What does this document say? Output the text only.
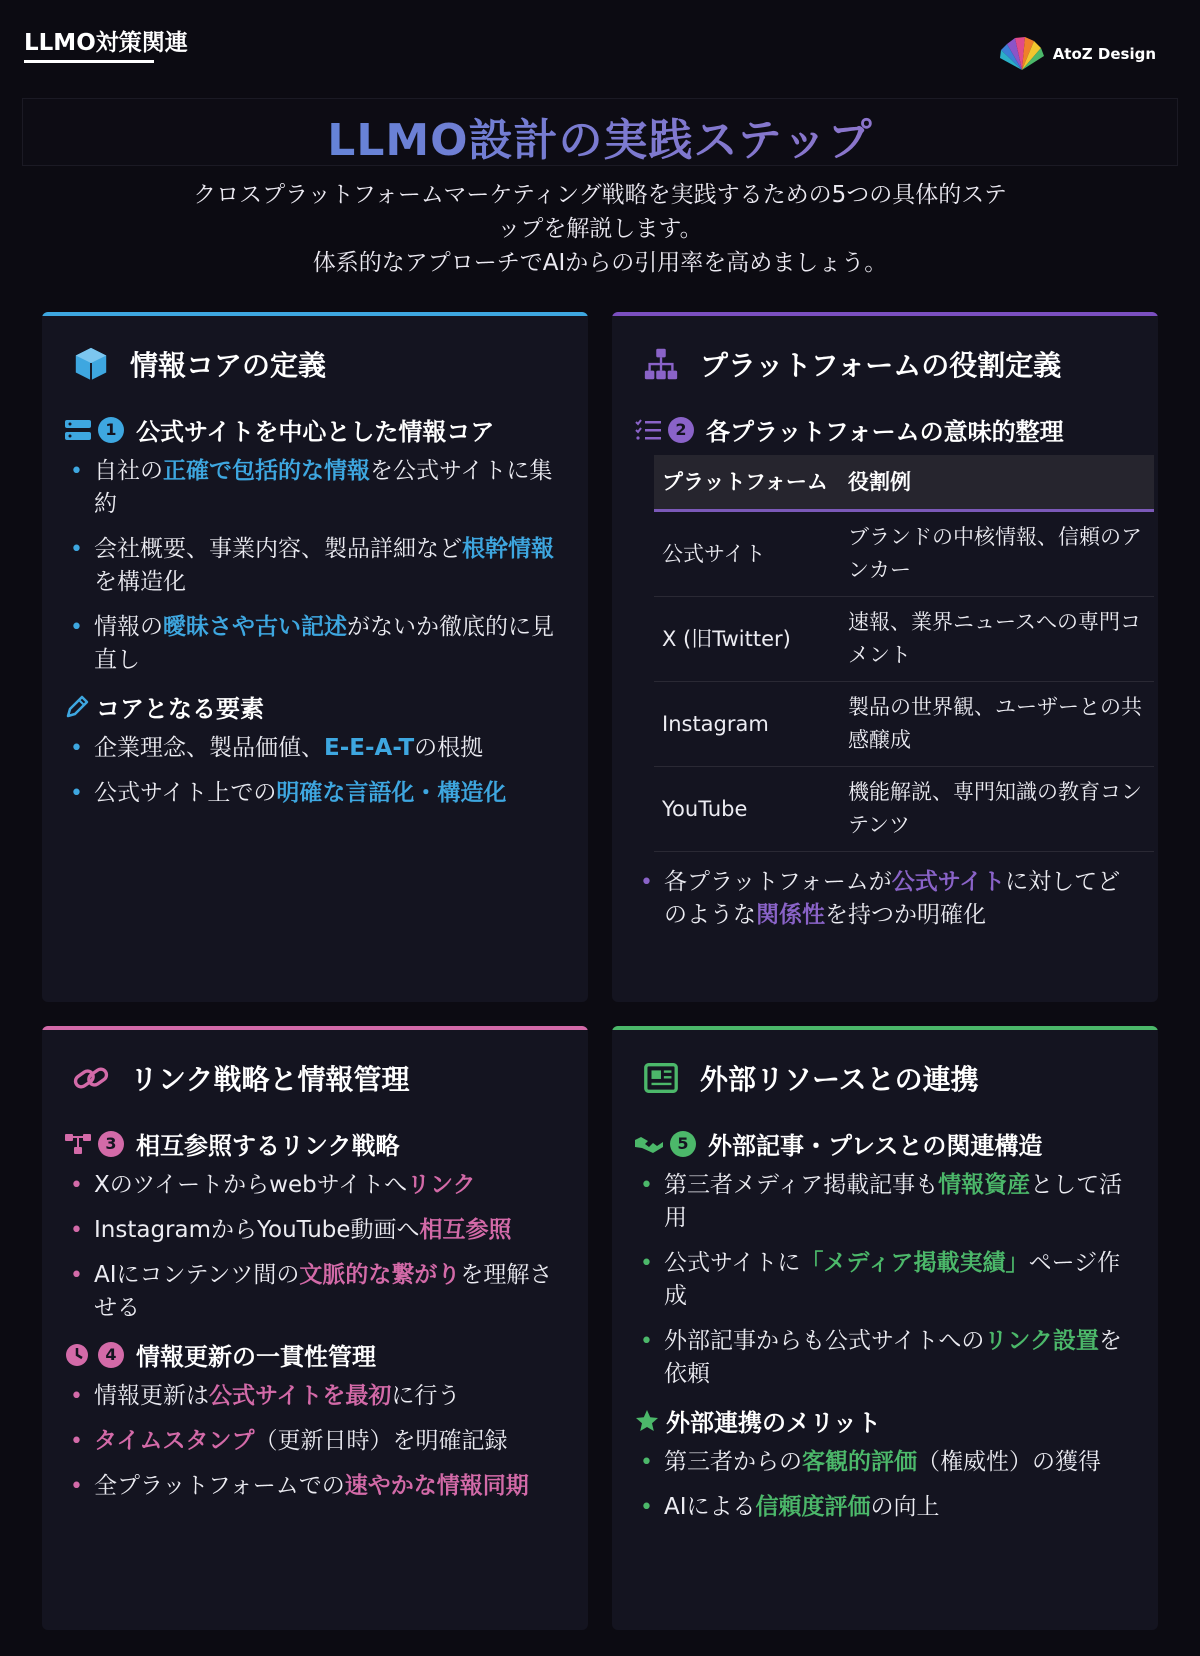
LLMO対策関連	AtoZ Design
LLMO設計の実践ステップ
クロスプラットフォームマーケティング戦略を実践するための5つの具体的ステ
ップを解説します。
体系的なアプローチでAIからの引用率を高めましょう。
情報コアの定義
1 公式サイトを中心とした情報コア
• 自社の正確で包括的な情報を公式サイトに集約
• 会社概要、事業内容、製品詳細など根幹情報を構造化
• 情報の曖昧さや古い記述がないか徹底的に見直し
コアとなる要素
• 企業理念、製品価値、E-E-A-Tの根拠
• 公式サイト上での明確な言語化・構造化
プラットフォームの役割定義
2 各プラットフォームの意味的整理
プラットフォーム	役割例
公式サイト	ブランドの中核情報、信頼のアンカー
X (旧Twitter)	速報、業界ニュースへの専門コメント
Instagram	製品の世界観、ユーザーとの共感醸成
YouTube	機能解説、専門知識の教育コンテンツ
• 各プラットフォームが公式サイトに対してどのような関係性を持つか明確化
リンク戦略と情報管理
3 相互参照するリンク戦略
• Xのツイートからwebサイトへリンク
• InstagramからYouTube動画へ相互参照
• AIにコンテンツ間の文脈的な繋がりを理解させる
4 情報更新の一貫性管理
• 情報更新は公式サイトを最初に行う
• タイムスタンプ（更新日時）を明確記録
• 全プラットフォームでの速やかな情報同期
外部リソースとの連携
5 外部記事・プレスとの関連構造
• 第三者メディア掲載記事も情報資産として活用
• 公式サイトに「メディア掲載実績」ページ作成
• 外部記事からも公式サイトへのリンク設置を依頼
外部連携のメリット
• 第三者からの客観的評価（権威性）の獲得
• AIによる信頼度評価の向上
